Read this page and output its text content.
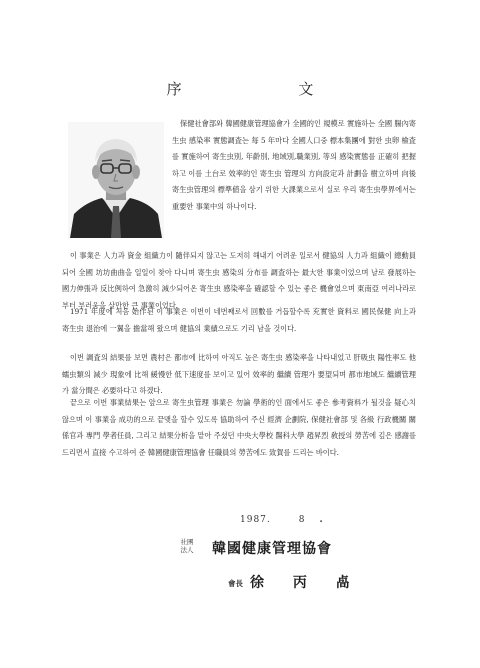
序 文

保健社會部와 韓國健康管理協會가 全國的인 規模로 實施하는 全國 腸內寄生虫 感染率 實態調査는 每 5 年마다 全國人口중 標本集團에 對한 虫卵 檢査를 實施하여 寄生虫別, 年齡別, 地域別,職業別, 等의 感染實態를 正確히 把握하고 이를 土台로 效率的인 寄生虫 管理의 方向設定과 計劃을 樹立하며 向後 寄生虫管理의 標準値을 삼기 위한 大課業으로서 실로 우리 寄生虫學界에서는 重要한 事業中의 하나이다.

이 事業은 人力과 資金 組織力이 隨伴되지 않고는 도저히 해내기 어려운 일로서 健協의 人力과 組織이 總動員되어 全國 坊坊曲曲을 일일이 찾아 다니며 寄生虫 感染의 分布를 調査하는 最大한 事業이었으며 날로 發展하는 國力伸張과 反比例하여 急激히 減少되어온 寄生虫 感染率을 確認할 수 있는 좋은 機會였으며 東南亞 여러나라로 부터 부러움을 살만한 큰 事業이었다.

1971 年度에 처음 始作된 이 事業은 이번이 네번째로서 回數를 거듭할수록 充實한 資料로 國民保健 向上과 寄生虫 退治에 一翼을 擔當해 왔으며 健協의 業績으로도 기리 남을 것이다.

이번 調査의 結果를 보면 農村은 都市에 比하여 아직도 높은 寄生虫 感染率을 나타내었고 肝吸虫 陽性率도 他 蠕虫類의 減少 現象에 比해 緩慢한 低下速度를 보이고 있어 效率的 繼續 管理가 要望되며 都市地域도 繼續管理가 當分間은 必要하다고 하겠다.

끝으로 이번 事業結果는 앞으로 寄生虫管理 事業은 勿論 學術的인 面에서도 좋은 參考資料가 될것을 疑心치 않으며 이 事業을 成功的으로 끝맺을 할수 있도록 協助하여 주신 經濟 企劃院, 保健社會部 및 各級 行政機關 關係官과 專門 學者任員, 그리고 結果分析을 맡아 주셨던 中央大學校 醫科大學 趙昇烈 敎授의 勞苦에 깊은 感謝를 드리면서 直接 수고하여 준 韓國健康管理協會 任職員의 勞苦에도 致賀를 드리는 바이다.

1987.	8 .
社團法人 韓國健康管理協會
會長 徐 丙 卨
